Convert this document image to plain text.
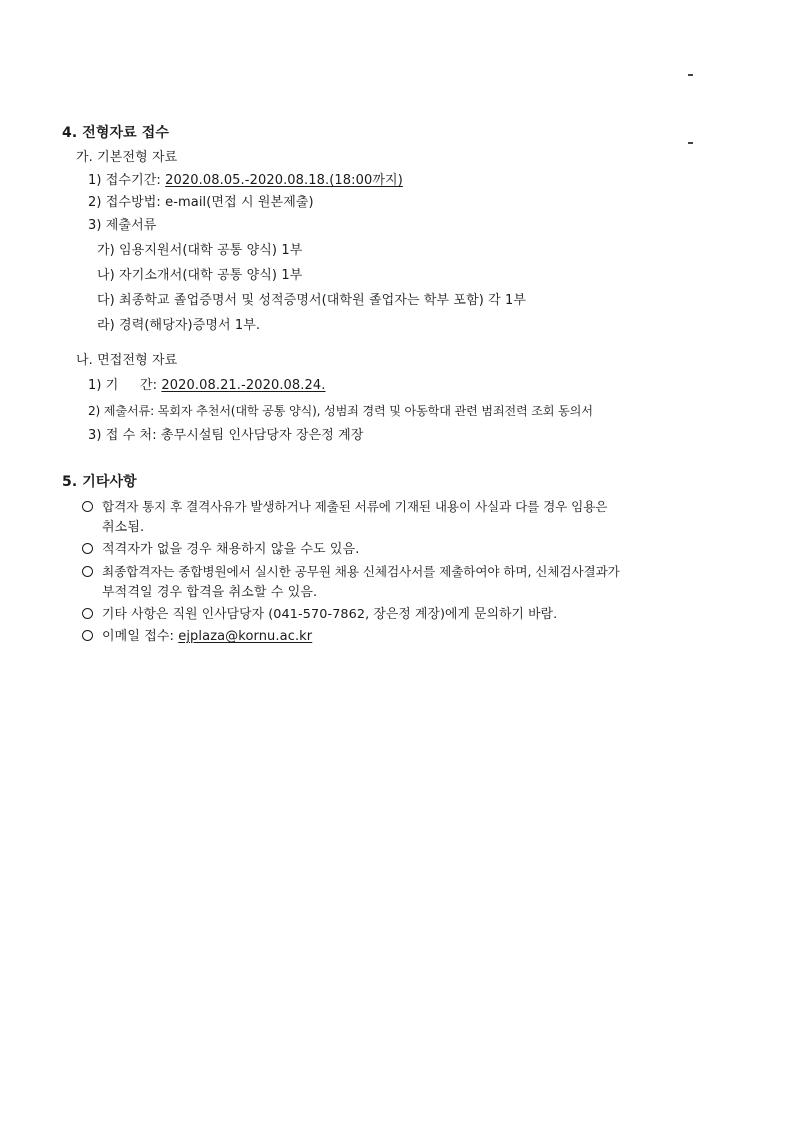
4. 전형자료 접수
가. 기본전형 자료
1) 접수기간: 2020.08.05.-2020.08.18.(18:00까지)
2) 접수방법: e-mail(면접 시 원본제출)
3) 제출서류
가) 임용지원서(대학 공통 양식) 1부
나) 자기소개서(대학 공통 양식) 1부
다) 최종학교 졸업증명서 및 성적증명서(대학원 졸업자는 학부 포함) 각 1부
라) 경력(해당자)증명서 1부.
나. 면접전형 자료
1) 기 　 간: 2020.08.21.-2020.08.24.
2) 제출서류: 목회자 추천서(대학 공통 양식), 성범죄 경력 및 아동학대 관련 범죄전력 조회 동의서
3) 접 수 처: 총무시설팀 인사담당자 장은정 계장
5. 기타사항
합격자 통지 후 결격사유가 발생하거나 제출된 서류에 기재된 내용이 사실과 다를 경우 임용은
취소됨.
적격자가 없을 경우 채용하지 않을 수도 있음.
최종합격자는 종합병원에서 실시한 공무원 채용 신체검사서를 제출하여야 하며, 신체검사결과가
부적격일 경우 합격을 취소할 수 있음.
기타 사항은 직원 인사담당자 (041-570-7862, 장은정 계장)에게 문의하기 바람.
이메일 접수: ejplaza@kornu.ac.kr
